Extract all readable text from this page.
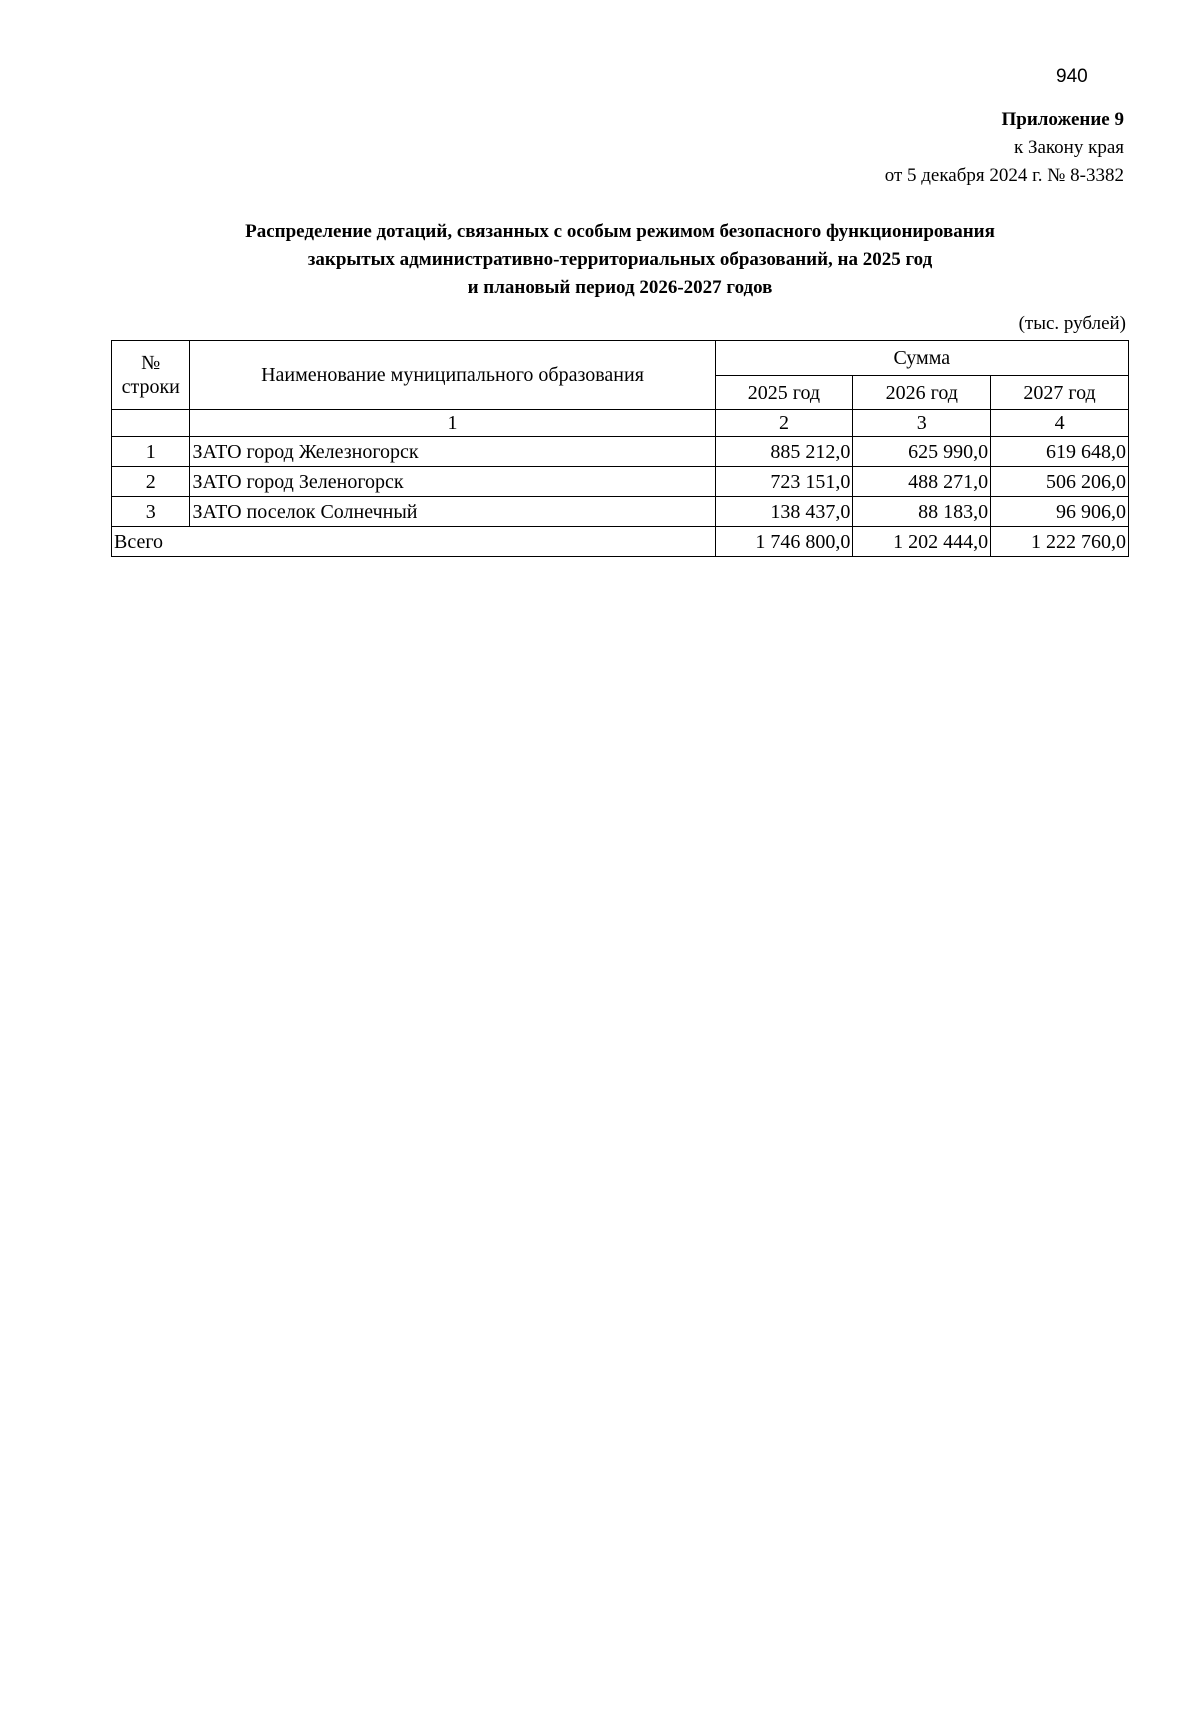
940
Приложение 9
к Закону края
от 5 декабря 2024 г. № 8-3382
Распределение дотаций, связанных с особым режимом безопасного функционирования
закрытых административно-территориальных образований, на 2025 год
и плановый период 2026-2027 годов
(тыс. рублей)
№ строки	Наименование муниципального образования	Сумма		
		2025 год	2026 год	2027 год
	1	2	3	4
1	ЗАТО город Железногорск	885 212,0	625 990,0	619 648,0
2	ЗАТО город Зеленогорск	723 151,0	488 271,0	506 206,0
3	ЗАТО поселок Солнечный	138 437,0	88 183,0	96 906,0
Всего		1 746 800,0	1 202 444,0	1 222 760,0
